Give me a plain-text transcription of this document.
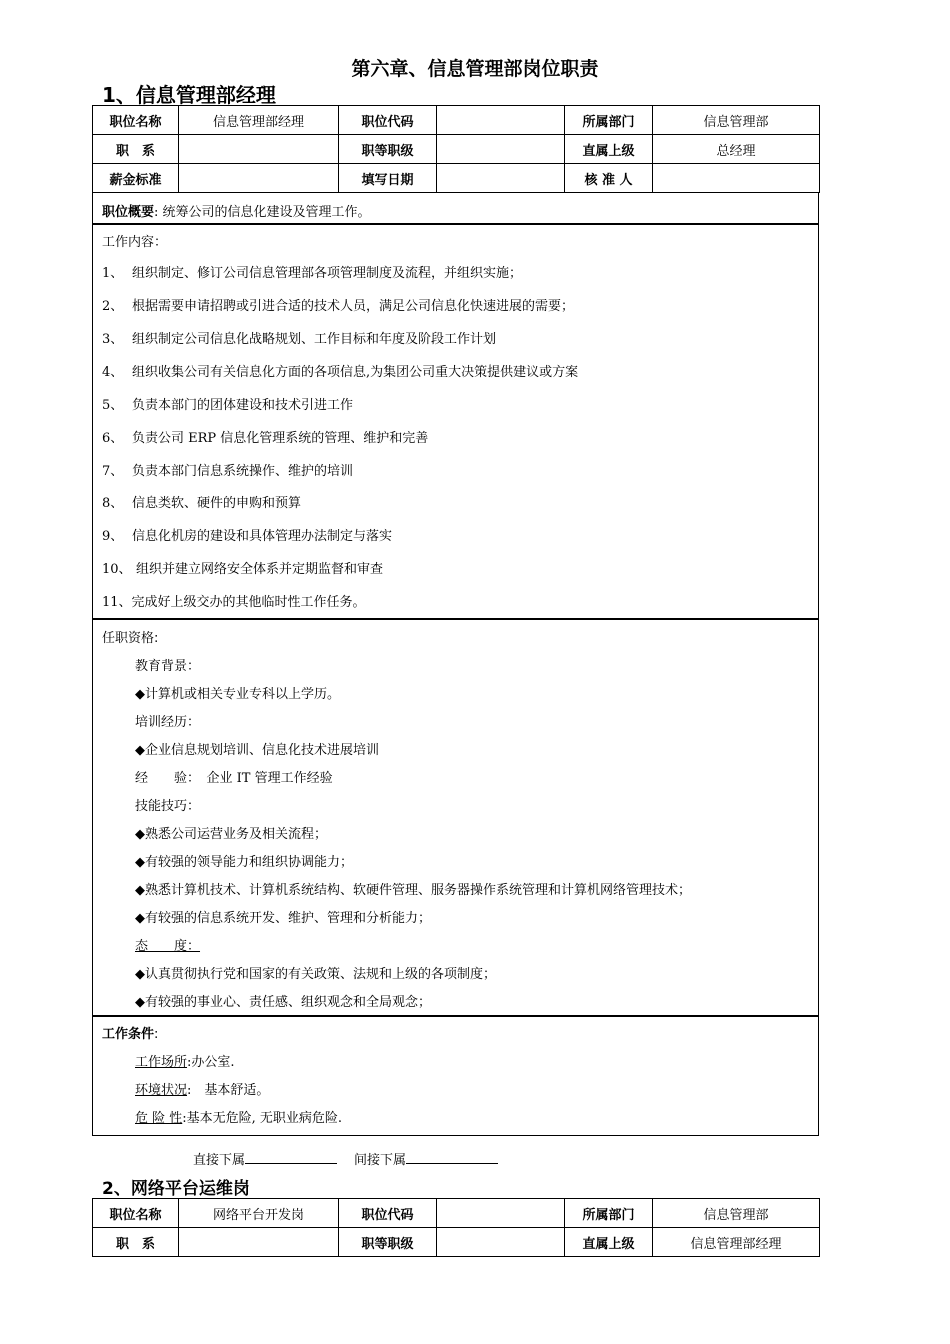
第六章、信息管理部岗位职责
1、信息管理部经理
职位名称	信息管理部经理	职位代码		所属部门	信息管理部
职　系		职等职级		直属上级	总经理
薪金标准		填写日期		核 准 人	
职位概要: 统筹公司的信息化建设及管理工作。
工作内容：
1、 组织制定、修订公司信息管理部各项管理制度及流程，并组织实施；
2、 根据需要申请招聘或引进合适的技术人员，满足公司信息化快速进展的需要；
3、 组织制定公司信息化战略规划、工作目标和年度及阶段工作计划
4、 组织收集公司有关信息化方面的各项信息,为集团公司重大决策提供建议或方案
5、 负责本部门的团体建设和技术引进工作
6、 负责公司 ERP 信息化管理系统的管理、维护和完善
7、 负责本部门信息系统操作、维护的培训
8、 信息类软、硬件的申购和预算
9、 信息化机房的建设和具体管理办法制定与落实
10、 组织并建立网络安全体系并定期监督和审查
11、完成好上级交办的其他临时性工作任务。
任职资格:
教育背景：
◆计算机或相关专业专科以上学历。
培训经历：
◆企业信息规划培训、信息化技术进展培训
经　　验：　企业 IT 管理工作经验
技能技巧：
◆熟悉公司运营业务及相关流程；
◆有较强的领导能力和组织协调能力；
◆熟悉计算机技术、计算机系统结构、软硬件管理、服务器操作系统管理和计算机网络管理技术；
◆有较强的信息系统开发、维护、管理和分析能力；
态　　度：
◆认真贯彻执行党和国家的有关政策、法规和上级的各项制度；
◆有较强的事业心、责任感、组织观念和全局观念；
工作条件:
工作场所:办公室.
环境状况:　基本舒适。
危 险 性:基本无危险, 无职业病危险.
直接下属	间接下属
2、网络平台运维岗
职位名称	网络平台开发岗	职位代码		所属部门	信息管理部
职　系		职等职级		直属上级	信息管理部经理
